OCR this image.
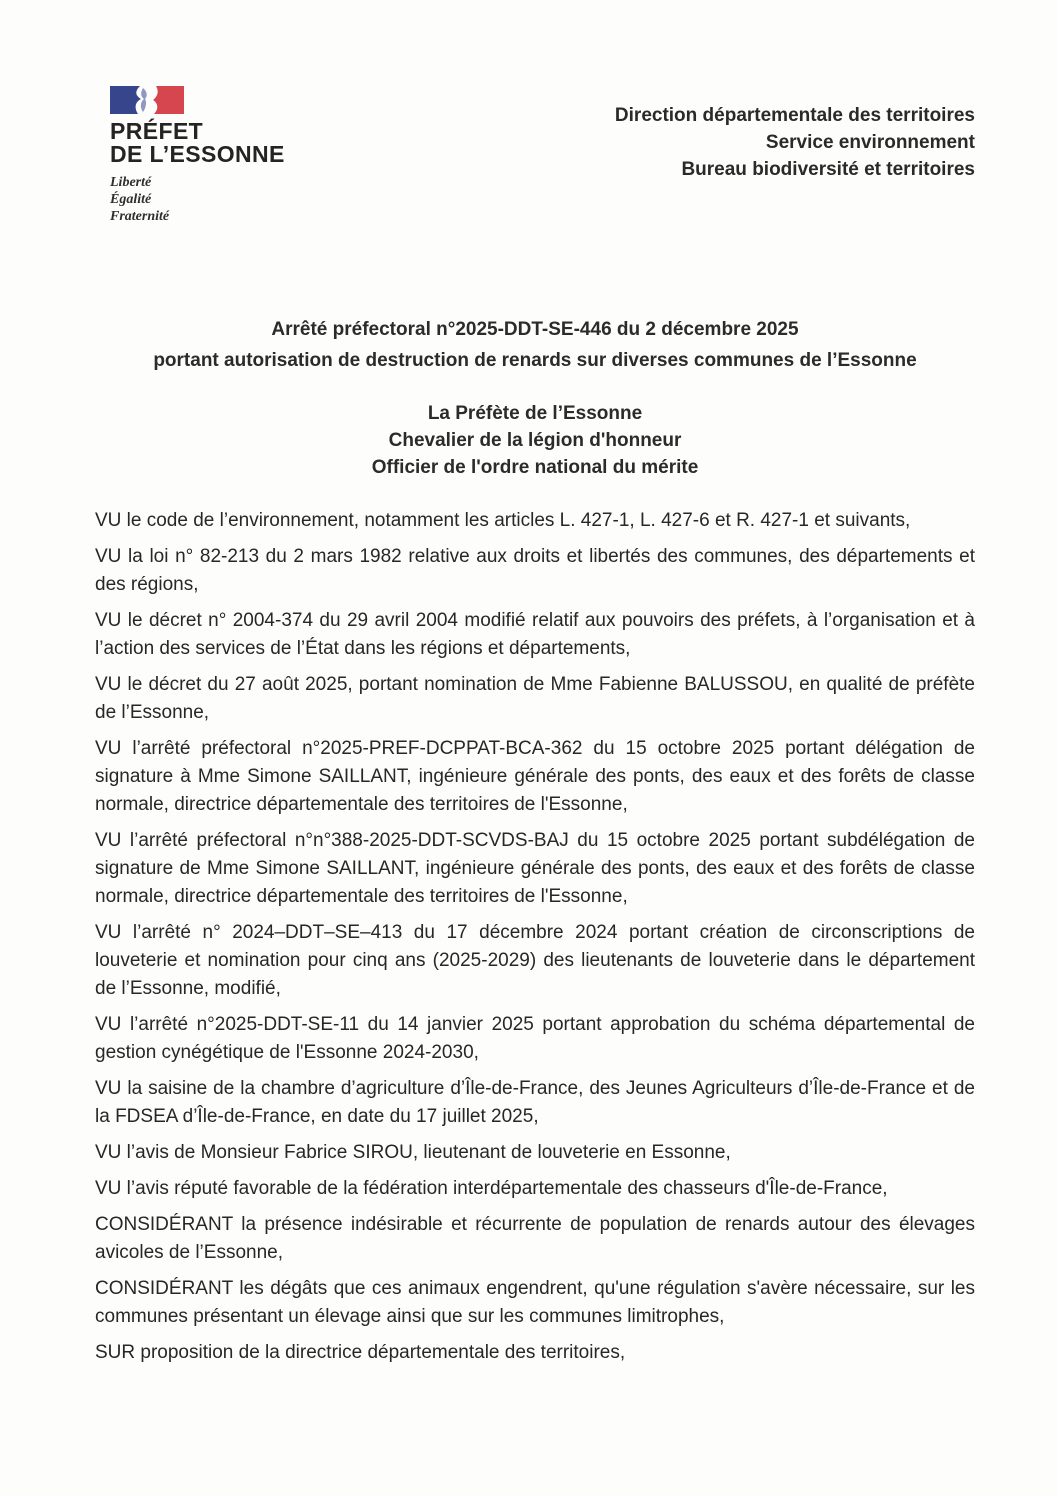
PRÉFET
DE L’ESSONNE
Liberté
Égalité
Fraternité
Direction départementale des territoires
Service environnement
Bureau biodiversité et territoires
Arrêté préfectoral n°2025-DDT-SE-446 du 2 décembre 2025
portant autorisation de destruction de renards sur diverses communes de l’Essonne
La Préfète de l’Essonne
Chevalier de la légion d'honneur
Officier de l'ordre national du mérite

VU le code de l’environnement, notamment les articles L. 427-1, L. 427-6 et R. 427-1 et suivants,

VU la loi n° 82-213 du 2 mars 1982 relative aux droits et libertés des communes, des départements et des régions,

VU le décret n° 2004-374 du 29 avril 2004 modifié relatif aux pouvoirs des préfets, à l’organisation et à l’action des services de l’État dans les régions et départements,

VU le décret du 27 août 2025, portant nomination de Mme Fabienne BALUSSOU, en qualité de préfète de l’Essonne,

VU l’arrêté préfectoral n°2025-PREF-DCPPAT-BCA-362 du 15 octobre 2025 portant délégation de signature à Mme Simone SAILLANT, ingénieure générale des ponts, des eaux et des forêts de classe normale, directrice départementale des territoires de l'Essonne,

VU l’arrêté préfectoral n°n°388-2025-DDT-SCVDS-BAJ du 15 octobre 2025 portant subdélégation de signature de Mme Simone SAILLANT, ingénieure générale des ponts, des eaux et des forêts de classe normale, directrice départementale des territoires de l'Essonne,

VU l’arrêté n° 2024–DDT–SE–413 du 17 décembre 2024 portant création de circonscriptions de louveterie et nomination pour cinq ans (2025-2029) des lieutenants de louveterie dans le département de l’Essonne, modifié,

VU l’arrêté n°2025-DDT-SE-11 du 14 janvier 2025 portant approbation du schéma départemental de gestion cynégétique de l'Essonne 2024-2030,

VU la saisine de la chambre d’agriculture d’Île-de-France, des Jeunes Agriculteurs d’Île-de-France et de la FDSEA d’Île-de-France, en date du 17 juillet 2025,

VU l’avis de Monsieur Fabrice SIROU, lieutenant de louveterie en Essonne,

VU l’avis réputé favorable de la fédération interdépartementale des chasseurs d'Île-de-France,

CONSIDÉRANT la présence indésirable et récurrente de population de renards autour des élevages avicoles de l’Essonne,

CONSIDÉRANT les dégâts que ces animaux engendrent, qu'une régulation s'avère nécessaire, sur les communes présentant un élevage ainsi que sur les communes limitrophes,

SUR proposition de la directrice départementale des territoires,
